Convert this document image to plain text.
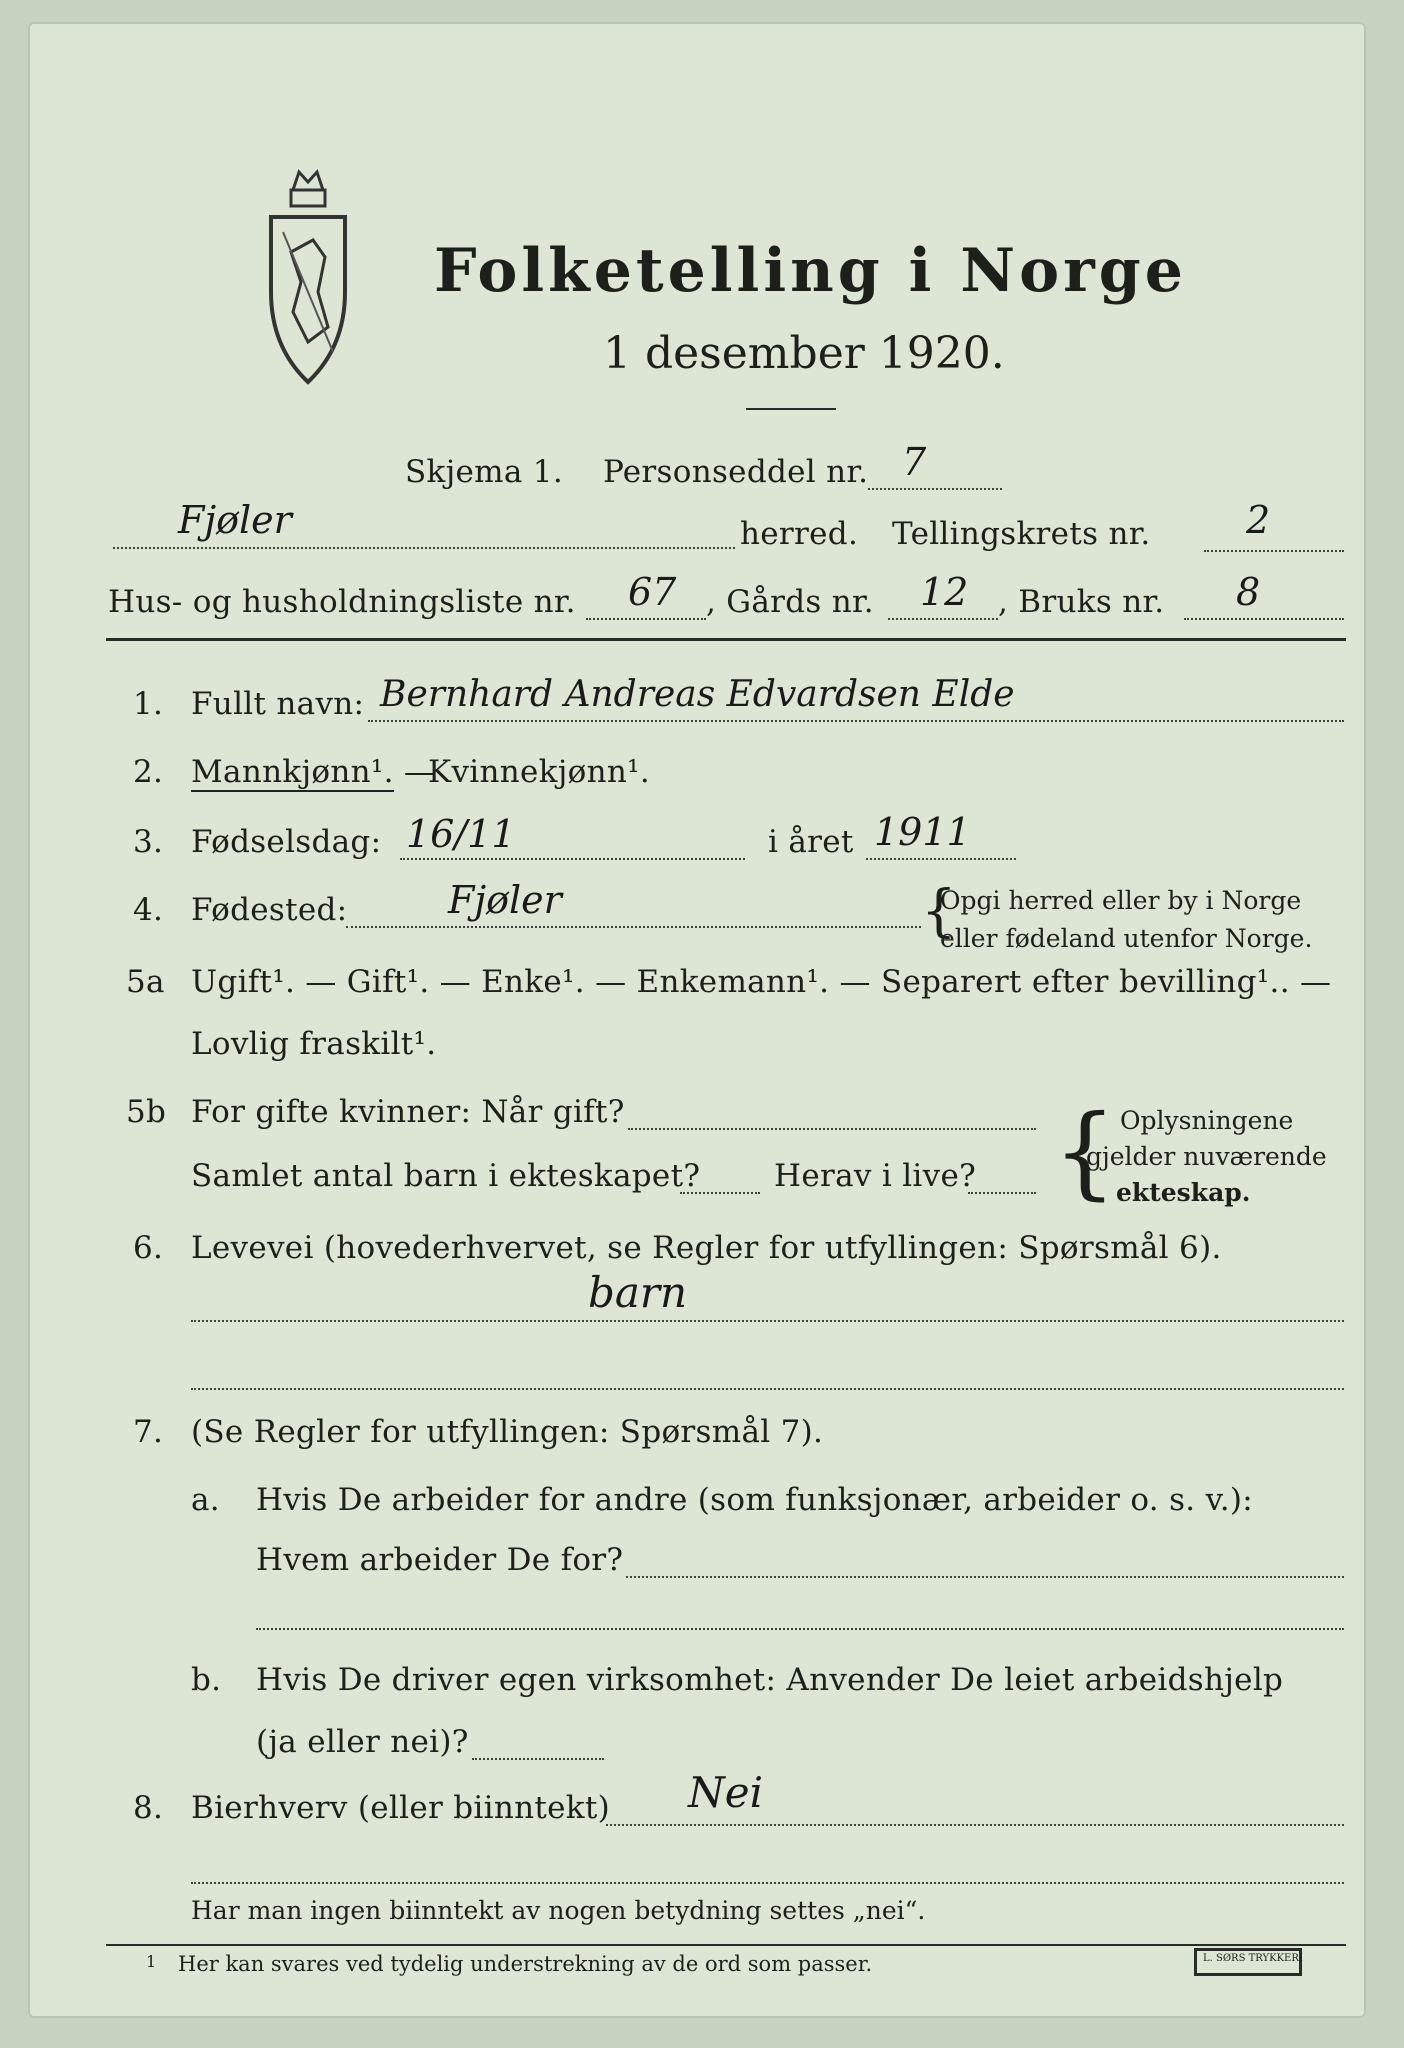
Folketelling i Norge
1 desember 1920.
Skjema 1. Personseddel nr. 7
Fjøler	herred. Tellingskrets nr.	2
Hus- og husholdningsliste nr. 67 , Gårds nr. 12 , Bruks nr. 8
1. Fullt navn: Bernhard Andreas Edvardsen Elde
2. Mannkjønn¹. —
Kvinnekjønn¹.
3. Fødselsdag: 16/11	i året 1911
4. Fødested:	Fjøler	{
Opgi herred eller by i Norge
eller fødeland utenfor Norge.
5a Ugift¹. — Gift¹. — Enke¹. — Enkemann¹. — Separert efter bevilling¹.. —
Lovlig fraskilt¹.
5b For gifte kvinner: Når gift?
Samlet antal barn i ekteskapet? Herav i live? { Oplysningene
gjelder nuværende
ekteskap.
6. Levevei (hovederhvervet, se Regler for utfyllingen: Spørsmål 6).
barn
7. (Se Regler for utfyllingen: Spørsmål 7).
a. Hvis De arbeider for andre (som funksjonær, arbeider o. s. v.):
Hvem arbeider De for?
b. Hvis De driver egen virksomhet: Anvender De leiet arbeidshjelp
(ja eller nei)?
8. Bierhverv (eller biinntekt) Nei
Har man ingen biinntekt av nogen betydning settes „nei“.
1 Her kan svares ved tydelig understrekning av de ord som passer.	L. SØRS TRYKKERI
